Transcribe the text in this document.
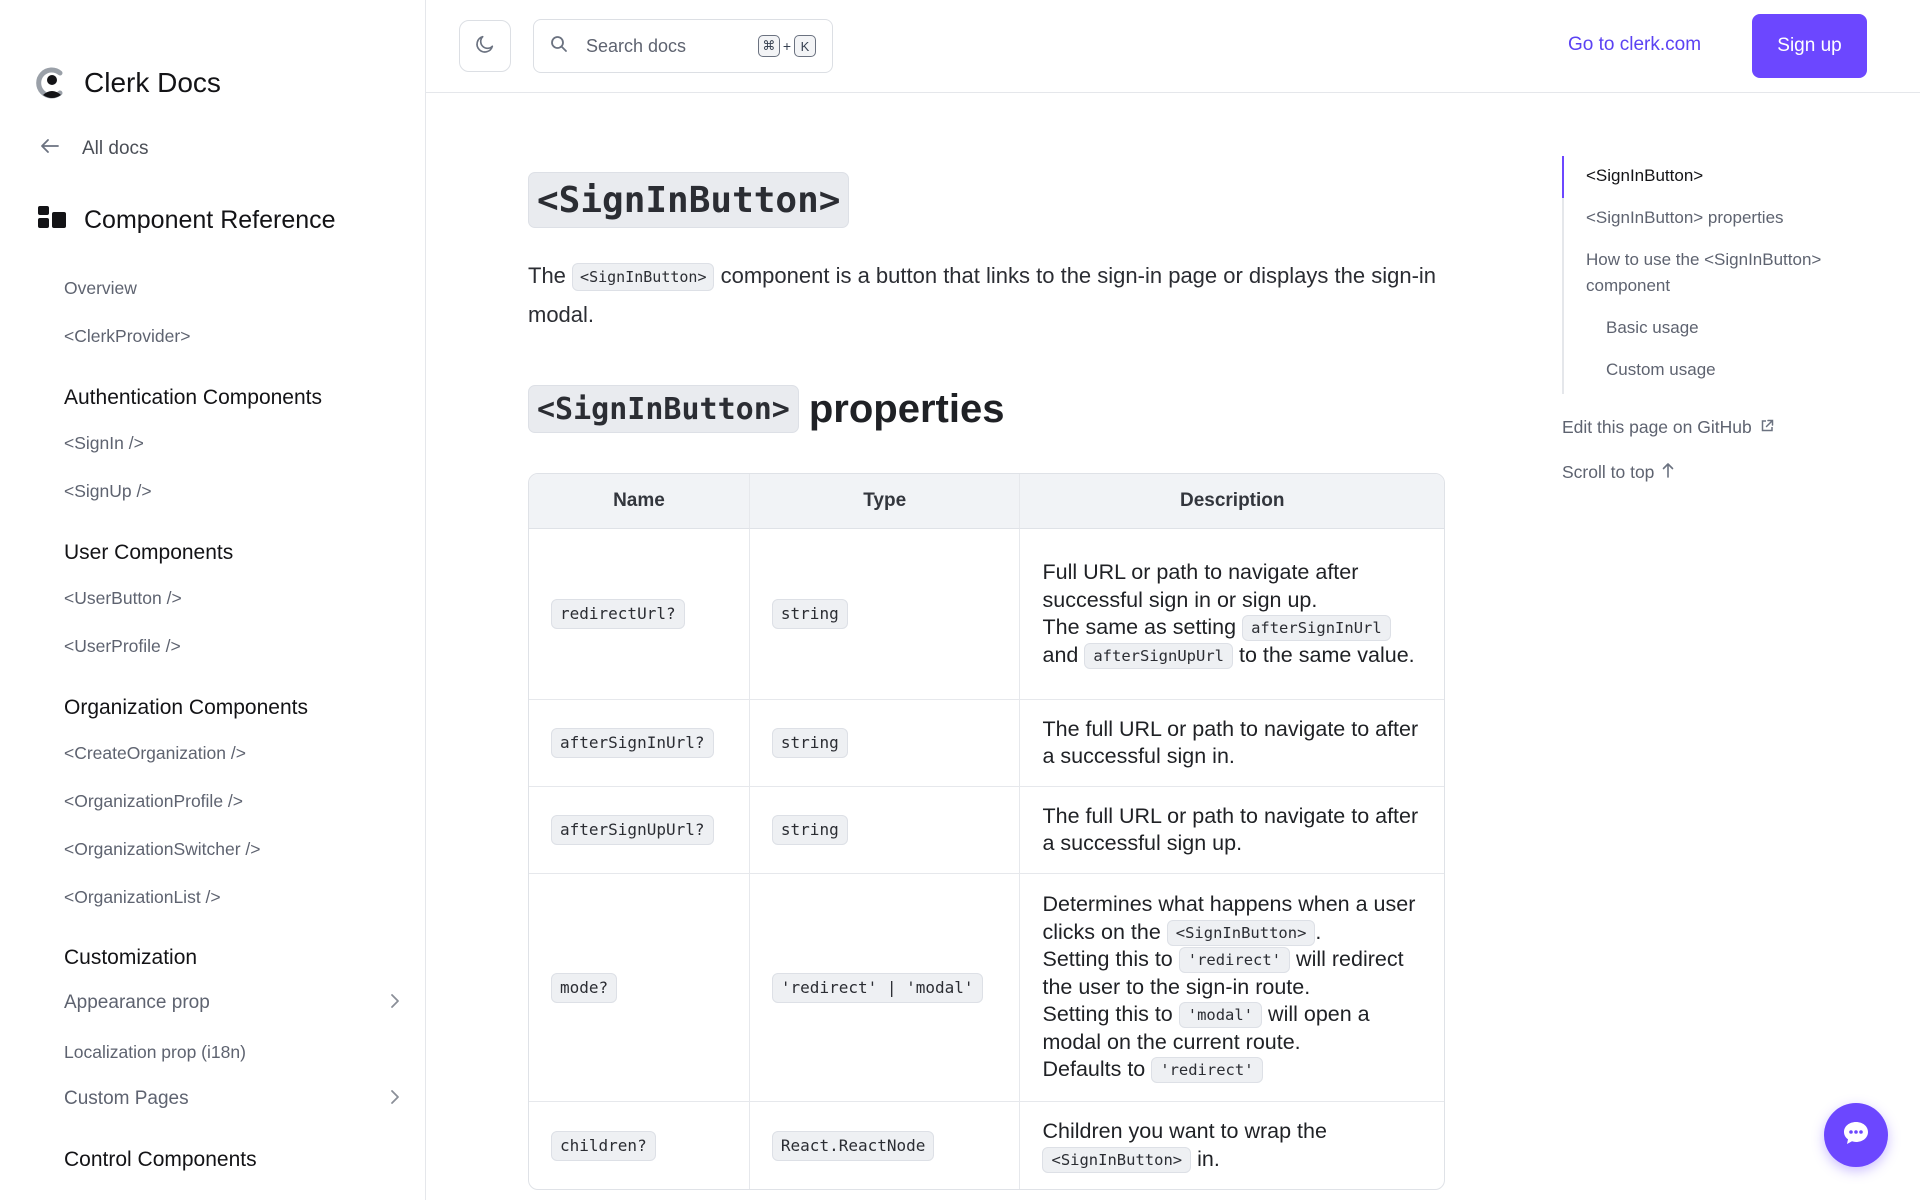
Clerk Docs
All docs
Component Reference
Overview
<ClerkProvider>
Authentication Components
<SignIn />
<SignUp />
User Components
<UserButton />
<UserProfile />
Organization Components
<CreateOrganization />
<OrganizationProfile />
<OrganizationSwitcher />
<OrganizationList />
Customization
Appearance prop
Localization prop (i18n)
Custom Pages
Control Components
Search docs	⌘ + K	Go to clerk.com	Sign up
<SignInButton>

The <SignInButton> component is a button that links to the sign-in page or displays the sign-in modal.

<SignInButton> properties
Name	Type	Description
redirectUrl?	string	Full URL or path to navigate after successful sign in or sign up.
The same as setting afterSignInUrl and afterSignUpUrl to the same value.
afterSignInUrl?	string	The full URL or path to navigate to after a successful sign in.
afterSignUpUrl?	string	The full URL or path to navigate to after a successful sign up.
mode?	'redirect' | 'modal'	Determines what happens when a user clicks on the <SignInButton> .
Setting this to 'redirect' will redirect the user to the sign-in route.
Setting this to 'modal' will open a modal on the current route.
Defaults to 'redirect'
children?	React.ReactNode	Children you want to wrap the <SignInButton> in.
<SignInButton>
<SignInButton> properties
How to use the <SignInButton> component
Basic usage
Custom usage
Edit this page on GitHub
Scroll to top
